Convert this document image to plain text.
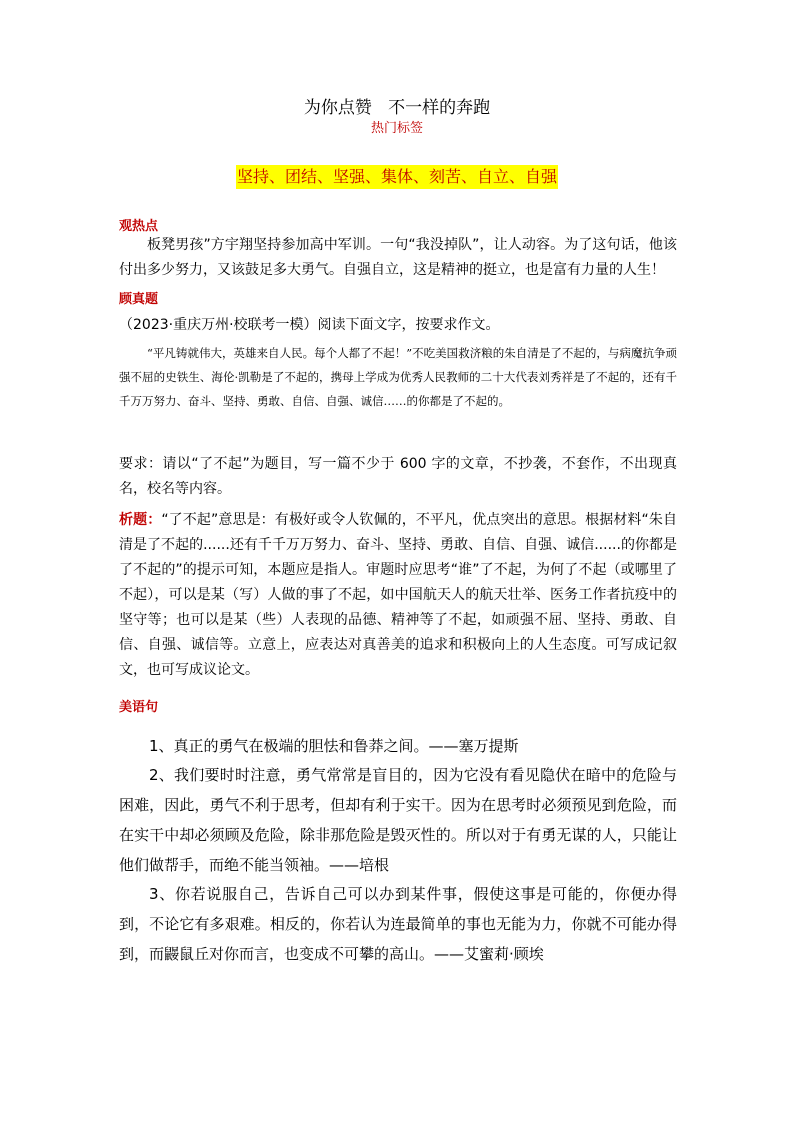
为你点赞   不一样的奔跑
热门标签
坚持、团结、坚强、集体、刻苦、自立、自强
观热点
板凳男孩”方宇翔坚持参加高中军训。一句“我没掉队”，让人动容。为了这句话，他该付出多少努力，又该鼓足多大勇气。自强自立，这是精神的挺立，也是富有力量的人生！
顾真题
（2023·重庆万州·校联考一模）阅读下面文字，按要求作文。
“平凡铸就伟大，英雄来自人民。每个人都了不起！”不吃美国救济粮的朱自清是了不起的，与病魔抗争顽强不屈的史铁生、海伦·凯勒是了不起的，携母上学成为优秀人民教师的二十大代表刘秀祥是了不起的，还有千千万万努力、奋斗、坚持、勇敢、自信、自强、诚信……的你都是了不起的。
要求：请以“了不起”为题目，写一篇不少于 600 字的文章，不抄袭，不套作，不出现真名，校名等内容。
析题：“了不起”意思是：有极好或令人钦佩的，不平凡，优点突出的意思。根据材料“朱自清是了不起的......还有千千万万努力、奋斗、坚持、勇敢、自信、自强、诚信......的你都是了不起的”的提示可知，本题应是指人。审题时应思考“谁”了不起，为何了不起（或哪里了不起），可以是某（写）人做的事了不起，如中国航天人的航天壮举、医务工作者抗疫中的坚守等；也可以是某（些）人表现的品德、精神等了不起，如顽强不屈、坚持、勇敢、自信、自强、诚信等。立意上，应表达对真善美的追求和积极向上的人生态度。可写成记叙文，也可写成议论文。
美语句
1、真正的勇气在极端的胆怯和鲁莽之间。——塞万提斯
2、我们要时时注意，勇气常常是盲目的，因为它没有看见隐伏在暗中的危险与困难，因此，勇气不利于思考，但却有利于实干。因为在思考时必须预见到危险，而在实干中却必须顾及危险，除非那危险是毁灭性的。所以对于有勇无谋的人，只能让他们做帮手，而绝不能当领袖。——培根
3、你若说服自己，告诉自己可以办到某件事，假使这事是可能的，你便办得到，不论它有多艰难。相反的，你若认为连最简单的事也无能为力，你就不可能办得到，而鼹鼠丘对你而言，也变成不可攀的高山。——艾蜜莉·顾埃
